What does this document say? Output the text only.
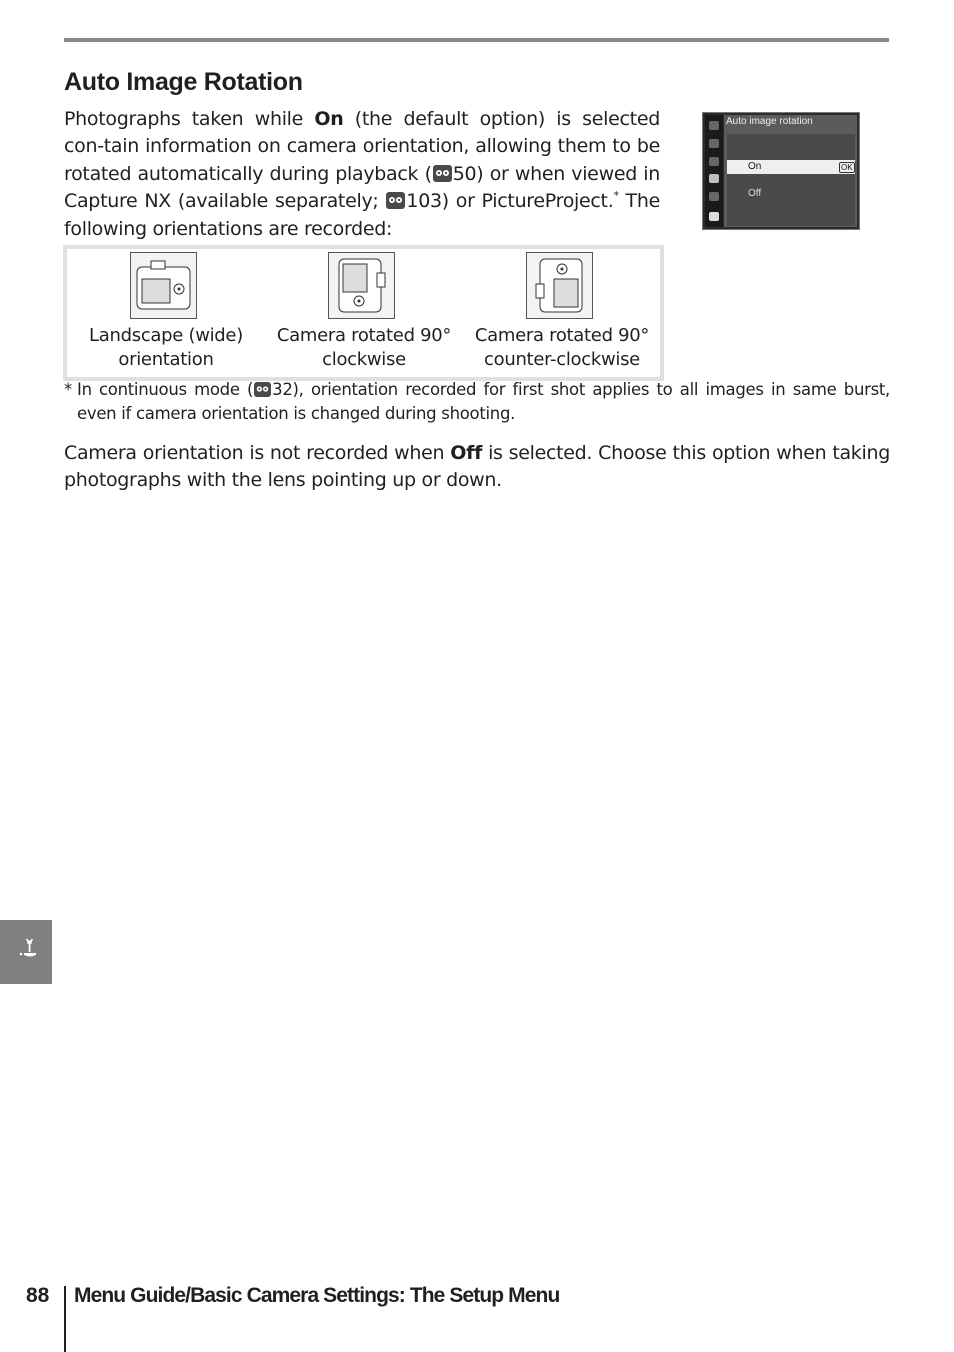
Auto Image Rotation

Photographs taken while On (the default option) is selected con-tain information on camera orientation, allowing them to be rotated automatically during playback ( 50) or when viewed in Capture NX (available separately;
103) or PictureProject.* The following orientations are recorded:

Auto image rotation
On	OK
Off
Landscape (wide)
orientation
Camera rotated 90°
clockwise
Camera rotated 90°
counter-clockwise
* In continuous mode ( 32), orientation recorded for first shot applies to all images in same burst, even if camera orientation is changed during shooting.

Camera orientation is not recorded when Off is selected. Choose this option when taking photographs with the lens pointing up or down.

88 Menu Guide/Basic Camera Settings: The Setup Menu
